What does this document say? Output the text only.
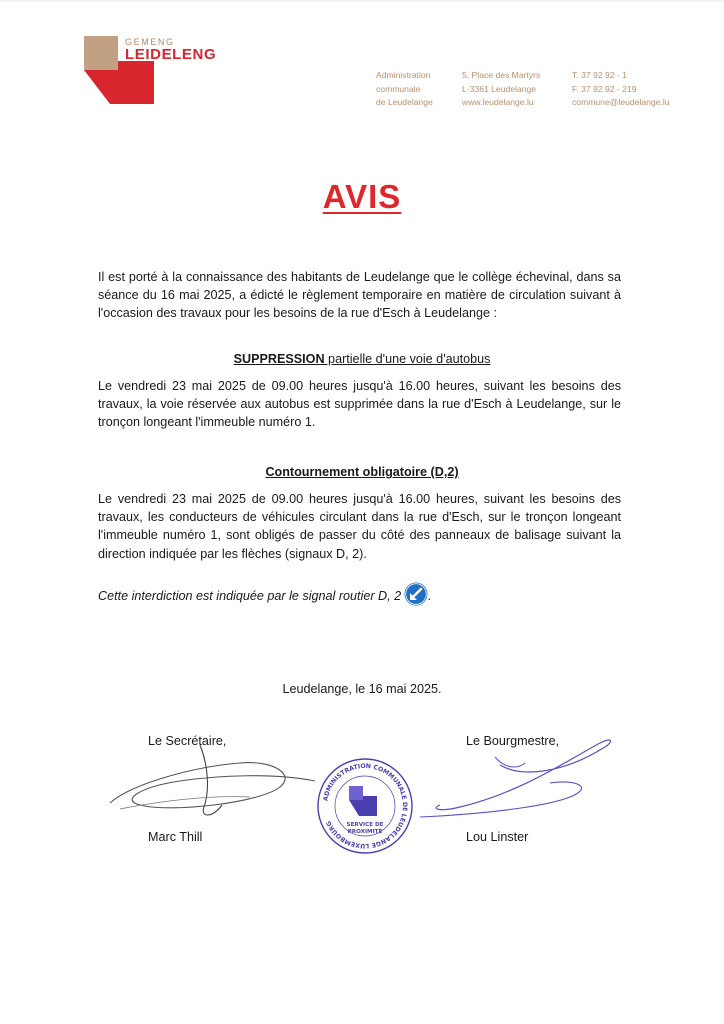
GEMENG
LEIDELENG
Administration
communale
de Leudelange
5, Place des Martyrs
L-3361 Leudelange
www.leudelange.lu
T. 37 92 92 - 1
F. 37 92 92 - 219
commune@leudelange.lu
AVIS
Il est porté à la connaissance des habitants de Leudelange que le collège échevinal, dans sa séance du 16 mai 2025, a édicté le règlement temporaire en matière de circulation suivant à l'occasion des travaux pour les besoins de la rue d'Esch à Leudelange :
SUPPRESSION partielle d'une voie d'autobus
Le vendredi 23 mai 2025 de 09.00 heures jusqu'à 16.00 heures, suivant les besoins des travaux, la voie réservée aux autobus est supprimée dans la rue d'Esch à Leudelange, sur le tronçon longeant l'immeuble numéro 1.
Contournement obligatoire (D,2)
Le vendredi 23 mai 2025 de 09.00 heures jusqu'à 16.00 heures, suivant les besoins des travaux, les conducteurs de véhicules circulant dans la rue d'Esch, sur le tronçon longeant l'immeuble numéro 1, sont obligés de passer du côté des panneaux de balisage suivant la direction indiquée par les flèches (signaux D, 2).
Cette interdiction est indiquée par le signal routier D, 2 .
Leudelange, le 16 mai 2025.
Le Secrétaire,	Le Bourgmestre,
ADMINISTRATION COMMUNALE DE LEUDELANGE LUXEMBOURG	SERVICE DE
PROXIMITÉ
Marc Thill	Lou Linster
